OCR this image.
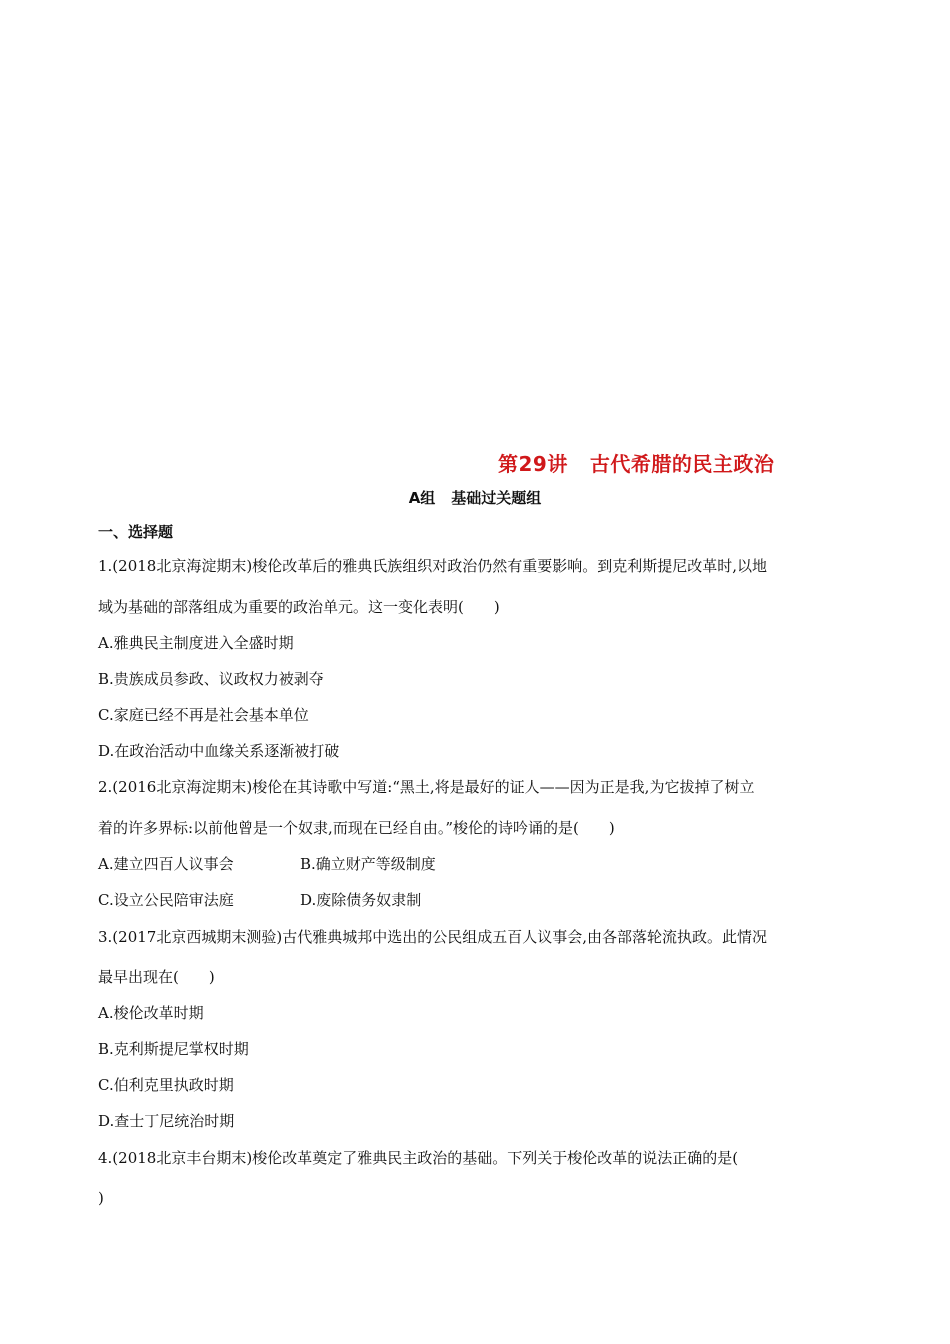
第29讲 古代希腊的民主政治
A组 基础过关题组
一、选择题
1.(2018北京海淀期末)梭伦改革后的雅典氏族组织对政治仍然有重要影响。到克利斯提尼改革时,以地
域为基础的部落组成为重要的政治单元。这一变化表明(　　)
A.雅典民主制度进入全盛时期
B.贵族成员参政、议政权力被剥夺
C.家庭已经不再是社会基本单位
D.在政治活动中血缘关系逐渐被打破
2.(2016北京海淀期末)梭伦在其诗歌中写道:“黑土,将是最好的证人——因为正是我,为它拔掉了树立
着的许多界标:以前他曾是一个奴隶,而现在已经自由。”梭伦的诗吟诵的是(　　)
A.建立四百人议事会	B.确立财产等级制度
C.设立公民陪审法庭	D.废除债务奴隶制
3.(2017北京西城期末测验)古代雅典城邦中选出的公民组成五百人议事会,由各部落轮流执政。此情况
最早出现在(　　)
A.梭伦改革时期
B.克利斯提尼掌权时期
C.伯利克里执政时期
D.查士丁尼统治时期
4.(2018北京丰台期末)梭伦改革奠定了雅典民主政治的基础。下列关于梭伦改革的说法正确的是(
)
